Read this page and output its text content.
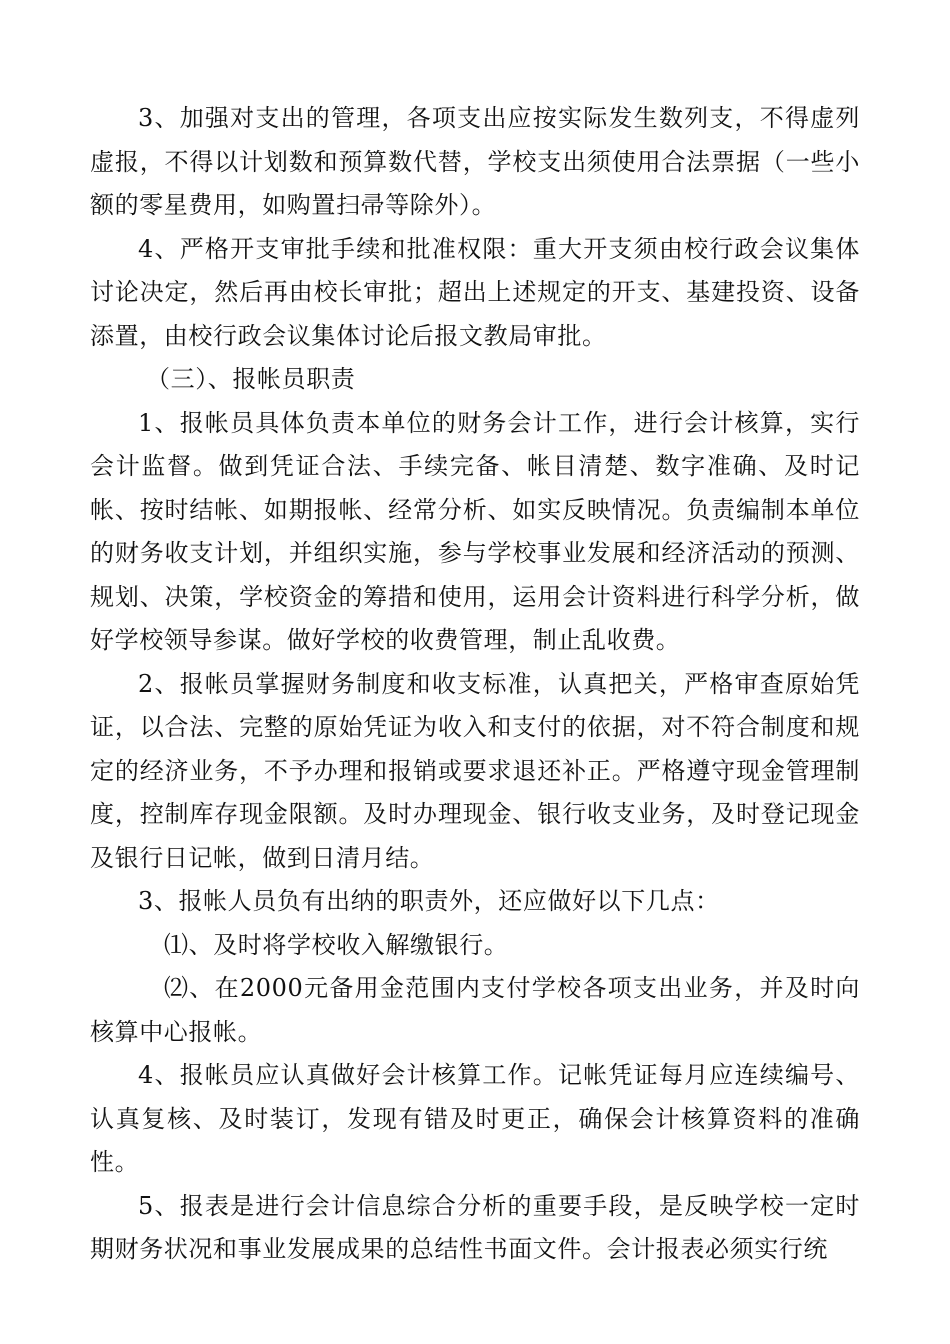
3、加强对支出的管理，各项支出应按实际发生数列支，不得虚列虚报，不得以计划数和预算数代替，学校支出须使用合法票据（一些小额的零星费用，如购置扫帚等除外）。

4、严格开支审批手续和批准权限：重大开支须由校行政会议集体讨论决定，然后再由校长审批；超出上述规定的开支、基建投资、设备添置，由校行政会议集体讨论后报文教局审批。

（三）、报帐员职责

1、报帐员具体负责本单位的财务会计工作，进行会计核算，实行会计监督。做到凭证合法、手续完备、帐目清楚、数字准确、及时记帐、按时结帐、如期报帐、经常分析、如实反映情况。负责编制本单位的财务收支计划，并组织实施，参与学校事业发展和经济活动的预测、规划、决策，学校资金的筹措和使用，运用会计资料进行科学分析，做好学校领导参谋。做好学校的收费管理，制止乱收费。

2、报帐员掌握财务制度和收支标准，认真把关，严格审查原始凭证，以合法、完整的原始凭证为收入和支付的依据，对不符合制度和规定的经济业务，不予办理和报销或要求退还补正。严格遵守现金管理制度，控制库存现金限额。及时办理现金、银行收支业务，及时登记现金及银行日记帐，做到日清月结。

3、报帐人员负有出纳的职责外，还应做好以下几点：

⑴、及时将学校收入解缴银行。

⑵、在2000元备用金范围内支付学校各项支出业务，并及时向核算中心报帐。

4、报帐员应认真做好会计核算工作。记帐凭证每月应连续编号、认真复核、及时装订，发现有错及时更正，确保会计核算资料的准确性。

5、报表是进行会计信息综合分析的重要手段，是反映学校一定时期财务状况和事业发展成果的总结性书面文件。会计报表必须实行统
